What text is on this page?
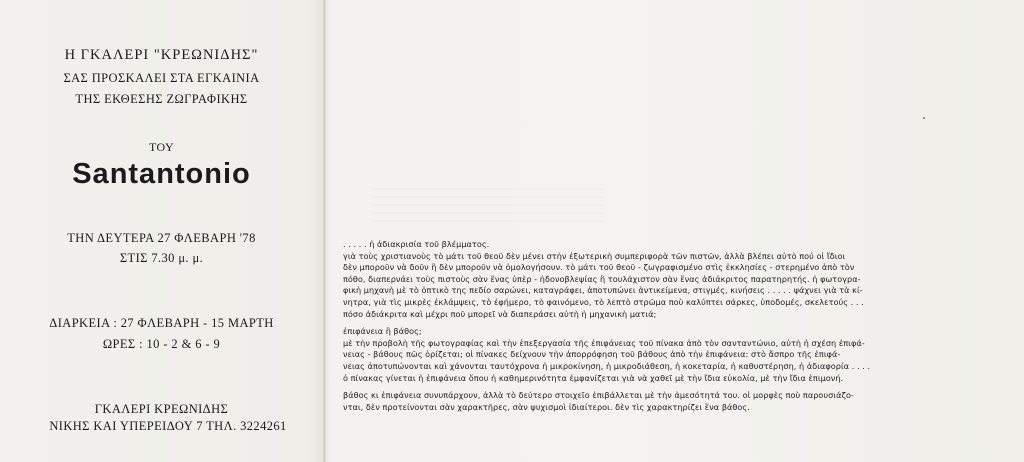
Η ΓΚΑΛΕΡΙ "ΚΡΕΩΝΙΔΗΣ"
ΣΑΣ ΠΡΟΣΚΑΛΕΙ ΣΤΑ ΕΓΚΑΙΝΙΑ
ΤΗΣ ΕΚΘΕΣΗΣ ΖΩΓΡΑΦΙΚΗΣ
ΤΟΥ
Santantonio
ΤΗΝ ΔΕΥΤΕΡΑ 27 ΦΛΕΒΑΡΗ '78
ΣΤΙΣ 7.30 μ. μ.
ΔΙΑΡΚΕΙΑ : 27 ΦΛΕΒΑΡΗ - 15 ΜΑΡΤΗ
ΩΡΕΣ : 10 - 2 & 6 - 9
ΓΚΑΛΕΡΙ ΚΡΕΩΝΙΔΗΣ
ΝΙΚΗΣ ΚΑΙ ΥΠΕΡΕΙΔΟΥ 7 ΤΗΛ. 3224261

. . . . . ἡ ἀδιακρισία τοῦ βλέμματος.
γιὰ τοὺς χριστιανοὺς τὸ μάτι τοῦ θεοῦ δὲν μένει στὴν ἐξωτερικὴ συμπεριφορὰ τῶν πιστῶν, ἀλλὰ βλέπει αὐτὸ πού οἱ ἴδιοι
δὲν μποροῦν νὰ δοῦν ἢ δὲν μποροῦν νὰ ὁμολογήσουν. τὸ μάτι τοῦ θεοῦ - ζωγραφισμένο στὶς ἐκκλησίες - στερημένο ἀπὸ τὸν
πόθο, διαπερνάει τοὺς πιστοὺς σὰν ἕνας ὑπὲρ - ἠδονοβλεψίας ἢ τουλάχιστον σὰν ἕνας ἀδιάκριτος παρατηρητής. ἡ φωτογρα-
φικὴ μηχανὴ μὲ τὸ ὀπτικὸ της πεδίο σαρώνει, καταγράφει, ἀποτυπώνει ἀντικείμενα, στιγμές, κινήσεις . . . . . ψάχνει γιὰ τὰ κί-
νητρα, γιὰ τὶς μικρὲς ἐκλάμψεις, τὸ ἐφήμερο, τὸ φαινόμενο, τὸ λεπτὸ στρῶμα ποὺ καλύπτει σάρκες, ὑποδομές, σκελετούς . . .
πόσο ἀδιάκριτα καὶ μέχρι ποῦ μπορεῖ νὰ διαπεράσει αὐτὴ ἡ μηχανικὴ ματιά;

ἐπιφάνεια ἢ βάθος;
μὲ τὴν προβολὴ τῆς φωτογραφίας καὶ τὴν ἐπεξεργασία τῆς ἐπιφάνειας τοῦ πίνακα ἀπὸ τὸν σανταντώνιο, αὐτὴ ἡ σχέση ἐπιφά-
νειας - βάθους πῶς ὁρίζεται; οἱ πίνακες δείχνουν τὴν ἀπορρόφηση τοῦ βάθους ἀπὸ τὴν ἐπιφάνεια: στὸ ἄσπρο τῆς ἐπιφά-
νειας ἀποτυπώνονται καὶ χάνονται ταυτόχρονα ἡ μικροκίνηση, ἡ μικροδιάθεση, ἡ κοκεταρία, ἡ καθυστέρηση, ἡ ἀδιαφορία . . . .
ὁ πίνακας γίνεται ἡ ἐπιφάνεια ὅπου ἡ καθημερινότητα ἐμφανίζεται γιὰ νὰ χαθεῖ μὲ τὴν ἴδια εὐκολία, μὲ τὴν ἴδια ἐπιμονή.

βάθος κι ἐπιφάνεια συνυπάρχουν, ἀλλὰ τὸ δεύτερο στοιχεῖο ἐπιβάλλεται μὲ τὴν ἀμεσότητά του. οἱ μορφὲς ποὺ παρουσιάζο-
νται, δὲν προτείνονται σὰν χαρακτῆρες, σὰν ψυχισμοὶ ἰδιαίτεροι. δὲν τὶς χαρακτηρίζει ἕνα βάθος.
